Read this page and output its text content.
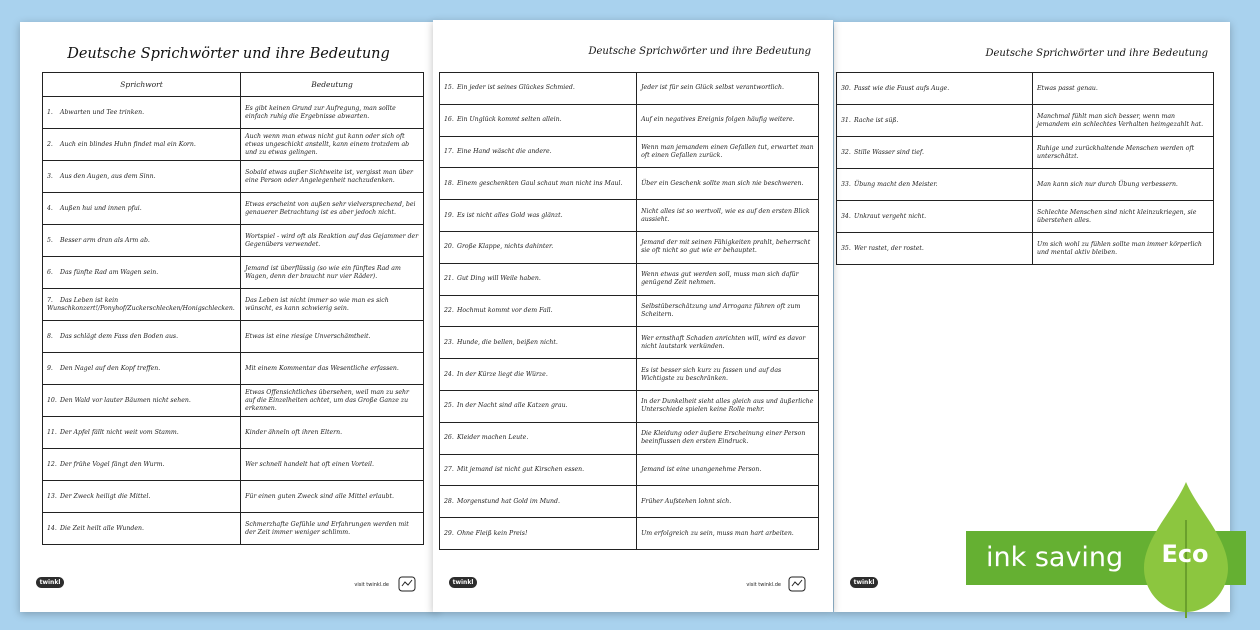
Deutsche Sprichwörter und ihre Bedeutung
Sprichwort	Bedeutung
1. Abwarten und Tee trinken.	Es gibt keinen Grund zur Aufregung, man sollte einfach ruhig die Ergebnisse abwarten.
2. Auch ein blindes Huhn findet mal ein Korn.	Auch wenn man etwas nicht gut kann oder sich oft etwas ungeschickt anstellt, kann einem trotzdem ab und zu etwas gelingen.
3. Aus den Augen, aus dem Sinn.	Sobald etwas außer Sichtweite ist, vergisst man über eine Person oder Angelegenheit nachzudenken.
4. Außen hui und innen pfui.	Etwas erscheint von außen sehr vielversprechend, bei genauerer Betrachtung ist es aber jedoch nicht.
5. Besser arm dran als Arm ab.	Wortspiel - wird oft als Reaktion auf das Gejammer der Gegenübers verwendet.
6. Das fünfte Rad am Wagen sein.	Jemand ist überflüssig (so wie ein fünftes Rad am Wagen, denn der braucht nur vier Räder).
7. Das Leben ist kein Wunschkonzert!/Ponyhof/Zuckerschlecken/Honigschlecken.	Das Leben ist nicht immer so wie man es sich wünscht, es kann schwierig sein.
8. Das schlägt dem Fass den Boden aus.	Etwas ist eine riesige Unverschämtheit.
9. Den Nagel auf den Kopf treffen.	Mit einem Kommentar das Wesentliche erfassen.
10. Den Wald vor lauter Bäumen nicht sehen.	Etwas Offensichtliches übersehen, weil man zu sehr auf die Einzelheiten achtet, um das Große Ganze zu erkennen.
11. Der Apfel fällt nicht weit vom Stamm.	Kinder ähneln oft ihren Eltern.
12. Der frühe Vogel fängt den Wurm.	Wer schnell handelt hat oft einen Vorteil.
13. Der Zweck heiligt die Mittel.	Für einen guten Zweck sind alle Mittel erlaubt.
14. Die Zeit heilt alle Wunden.	Schmerzhafte Gefühle und Erfahrungen werden mit der Zeit immer weniger schlimm.
twinkl	visit twinkl.de
Deutsche Sprichwörter und ihre Bedeutung
15. Ein jeder ist seines Glückes Schmied.	Jeder ist für sein Glück selbst verantwortlich.
16. Ein Unglück kommt selten allein.	Auf ein negatives Ereignis folgen häufig weitere.
17. Eine Hand wäscht die andere.	Wenn man jemandem einen Gefallen tut, erwartet man oft einen Gefallen zurück.
18. Einem geschenkten Gaul schaut man nicht ins Maul.	Über ein Geschenk sollte man sich nie beschweren.
19. Es ist nicht alles Gold was glänzt.	Nicht alles ist so wertvoll, wie es auf den ersten Blick aussieht.
20. Große Klappe, nichts dahinter.	Jemand der mit seinen Fähigkeiten prahlt, beherrscht sie oft nicht so gut wie er behauptet.
21. Gut Ding will Weile haben.	Wenn etwas gut werden soll, muss man sich dafür genügend Zeit nehmen.
22. Hochmut kommt vor dem Fall.	Selbstüberschätzung und Arroganz führen oft zum Scheitern.
23. Hunde, die bellen, beißen nicht.	Wer ernsthaft Schaden anrichten will, wird es davor nicht lautstark verkünden.
24. In der Kürze liegt die Würze.	Es ist besser sich kurz zu fassen und auf das Wichtigste zu beschränken.
25. In der Nacht sind alle Katzen grau.	In der Dunkelheit sieht alles gleich aus und äußerliche Unterschiede spielen keine Rolle mehr.
26. Kleider machen Leute.	Die Kleidung oder äußere Erscheinung einer Person beeinflussen den ersten Eindruck.
27. Mit jemand ist nicht gut Kirschen essen.	Jemand ist eine unangenehme Person.
28. Morgenstund hat Gold im Mund.	Früher Aufstehen lohnt sich.
29. Ohne Fleiß kein Preis!	Um erfolgreich zu sein, muss man hart arbeiten.
twinkl	visit twinkl.de
Deutsche Sprichwörter und ihre Bedeutung
30. Passt wie die Faust aufs Auge.	Etwas passt genau.
31. Rache ist süß.	Manchmal fühlt man sich besser, wenn man jemandem ein schlechtes Verhalten heimgezahlt hat.
32. Stille Wasser sind tief.	Ruhige und zurückhaltende Menschen werden oft unterschätzt.
33. Übung macht den Meister.	Man kann sich nur durch Übung verbessern.
34. Unkraut vergeht nicht.	Schlechte Menschen sind nicht kleinzukriegen, sie überstehen alles.
35. Wer rastet, der rostet.	Um sich wohl zu fühlen sollte man immer körperlich und mental aktiv bleiben.
twinkl
ink saving Eco
